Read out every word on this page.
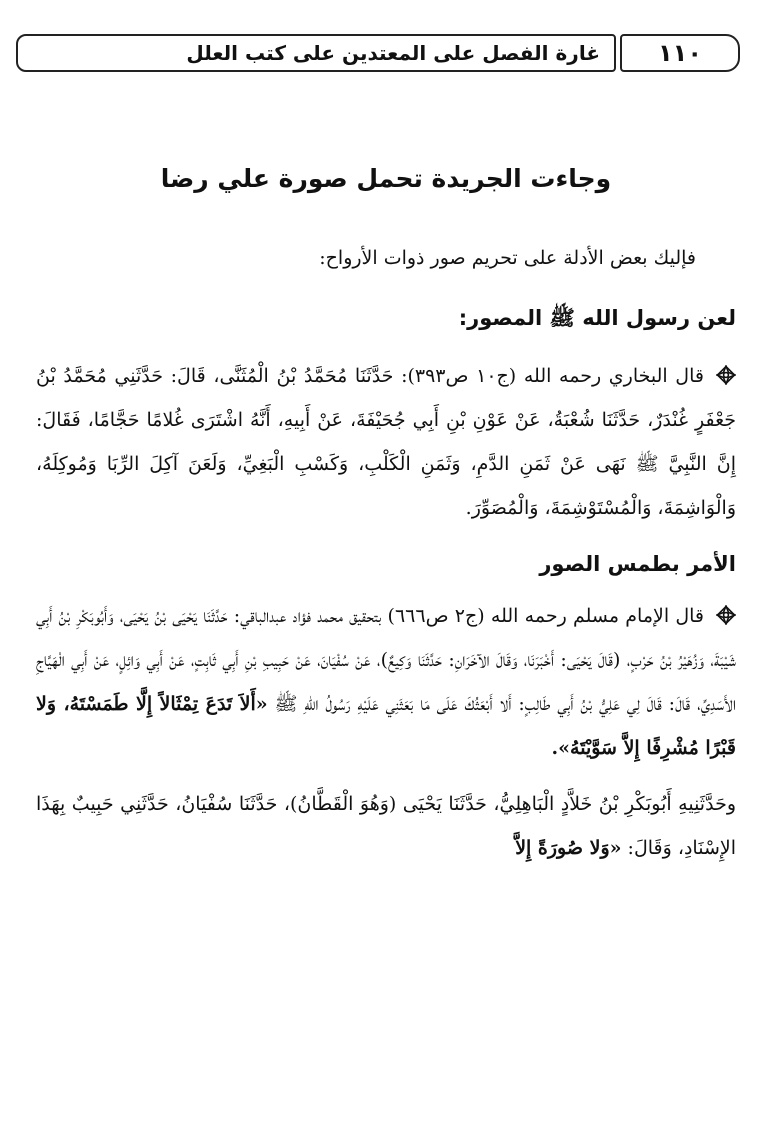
غارة الفصل على المعتدين على كتب العلل ١١٠
وجاءت الجريدة تحمل صورة علي رضا
فإليك بعض الأدلة على تحريم صور ذوات الأرواح:
لعن رسول الله ﷺ المصور:
قال البخاري رحمه الله (ج١٠ ص٣٩٣): حَدَّثَنَا مُحَمَّدُ بْنُ الْمُثَنَّى، قَالَ: حَدَّثَنِي مُحَمَّدُ بْنُ جَعْفَرٍ غُنْدَرٌ، حَدَّثَنَا شُعْبَةُ، عَنْ عَوْنِ بْنِ أَبِي جُحَيْفَةَ، عَنْ أَبِيهِ، أَنَّهُ اشْتَرَى غُلامًا حَجَّامًا، فَقَالَ: إِنَّ النَّبِيَّ ﷺ نَهَى عَنْ ثَمَنِ الدَّمِ، وَثَمَنِ الْكَلْبِ، وَكَسْبِ الْبَغِيِّ، وَلَعَنَ آكِلَ الرِّبَا وَمُوكِلَهُ، وَالْوَاشِمَةَ، وَالْمُسْتَوْشِمَةَ، وَالْمُصَوِّرَ.
الأمر بطمس الصور
قال الإمام مسلم رحمه الله (ج٢ ص٦٦٦) بتحقيق محمد فؤاد عبدالباقي: حَدَّثَنَا يَحْيَى بْنُ يَحْيَى، وَأَبُوبَكْرِ بْنُ أَبِي شَيْبَةَ، وَزُهَيْرُ بْنُ حَرْبٍ، (قَالَ يَحْيَى: أَخْبَرَنَا، وَقَالَ الآخَرَانِ: حَدَّثَنَا وَكِيعٌ)، عَنْ سُفْيَانَ، عَنْ حَبِيبِ بْنِ أَبِي ثَابِتٍ، عَنْ أَبِي وَائِلٍ، عَنْ أَبِي الْهَيَّاجِ الأَسَدِيِّ، قَالَ: قَالَ لِي عَلِيُّ بْنُ أَبِي طَالِبٍ: أَلا أَبْعَثُكَ عَلَى مَا بَعَثَنِي عَلَيْهِ رَسُولُ اللهِ ﷺ «أَلاَ تَدَعَ تِمْثَالاً إِلَّا طَمَسْتَهُ، وَلا قَبْرًا مُشْرِفًا إِلاَّ سَوَّيْتَهُ».
وحَدَّثَنِيهِ أَبُوبَكْرِ بْنُ خَلاَّدٍ الْبَاهِلِيُّ، حَدَّثَنَا يَحْيَى (وَهُوَ الْقَطَّانُ)، حَدَّثَنَا سُفْيَانُ، حَدَّثَنِي حَبِيبٌ بِهَذَا الإِسْنَادِ، وَقَالَ: «وَلا صُورَةً إِلاَّ
